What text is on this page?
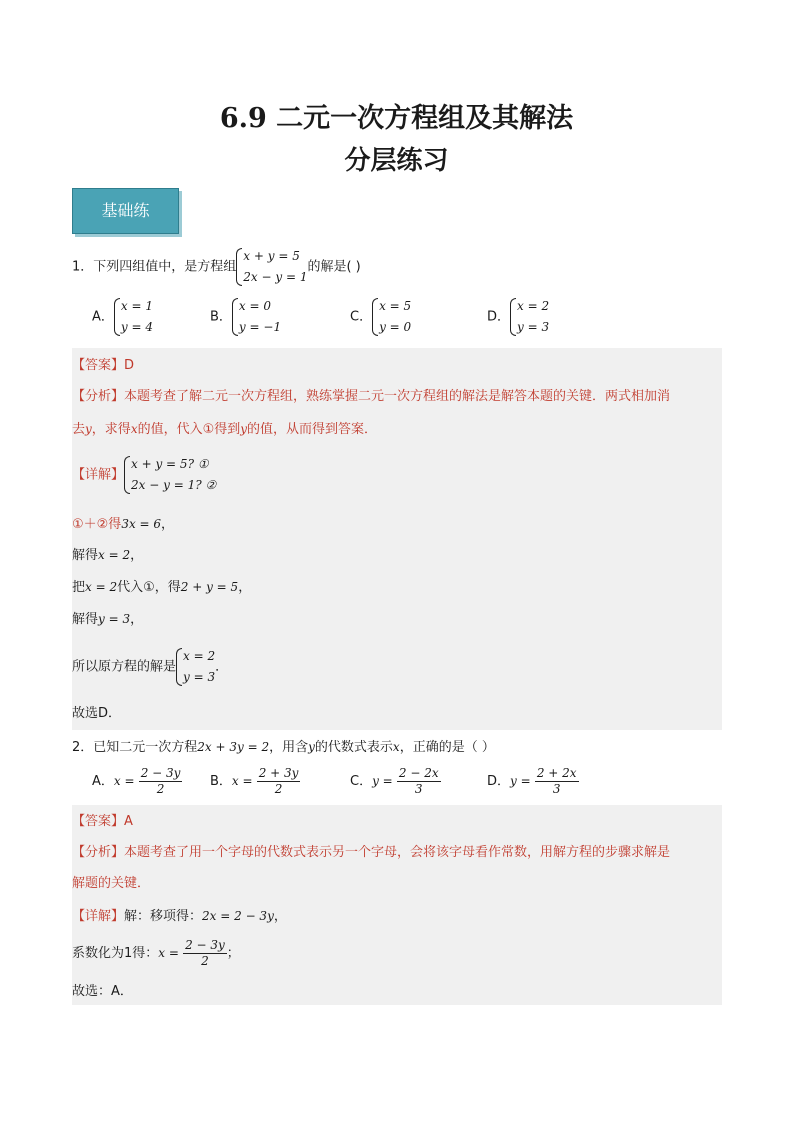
6.9 二元一次方程组及其解法
分层练习
基础练
1．下列四组值中，是方程组
x + y = 5
2x − y = 1
的解是( )
A．
x = 1
y = 4
B．
x = 0
y = −1
C．
x = 5
y = 0
D．
x = 2
y = 3
【答案】D
【分析】本题考查了解二元一次方程组，熟练掌握二元一次方程组的解法是解答本题的关键．两式相加消
去y，求得x的值，代入①得到y的值，从而得到答案．
【详解】
x + y = 5? ①
2x − y = 1? ②
①＋②得3x = 6，
解得x = 2，
把x = 2代入①，得2 + y = 5，
解得y = 3，
所以原方程的解是
x = 2
y = 3
．
故选D．
2．已知二元一次方程2x + 3y = 2，用含y的代数式表示x，正确的是（ ）
A．$x = \frac{2 - 3y}{2}$ B．$x = \frac{2 + 3y}{2}$	C．$y = \frac{2 - 2x}{3}$	D．$y = \frac{2 + 2x}{3}$
【答案】A
【分析】本题考查了用一个字母的代数式表示另一个字母，会将该字母看作常数，用解方程的步骤求解是
解题的关键．
【详解】解：移项得：2x = 2 − 3y，
系数化为1得：$x = \frac{2 - 3y}{2}$ ；
故选：A．
